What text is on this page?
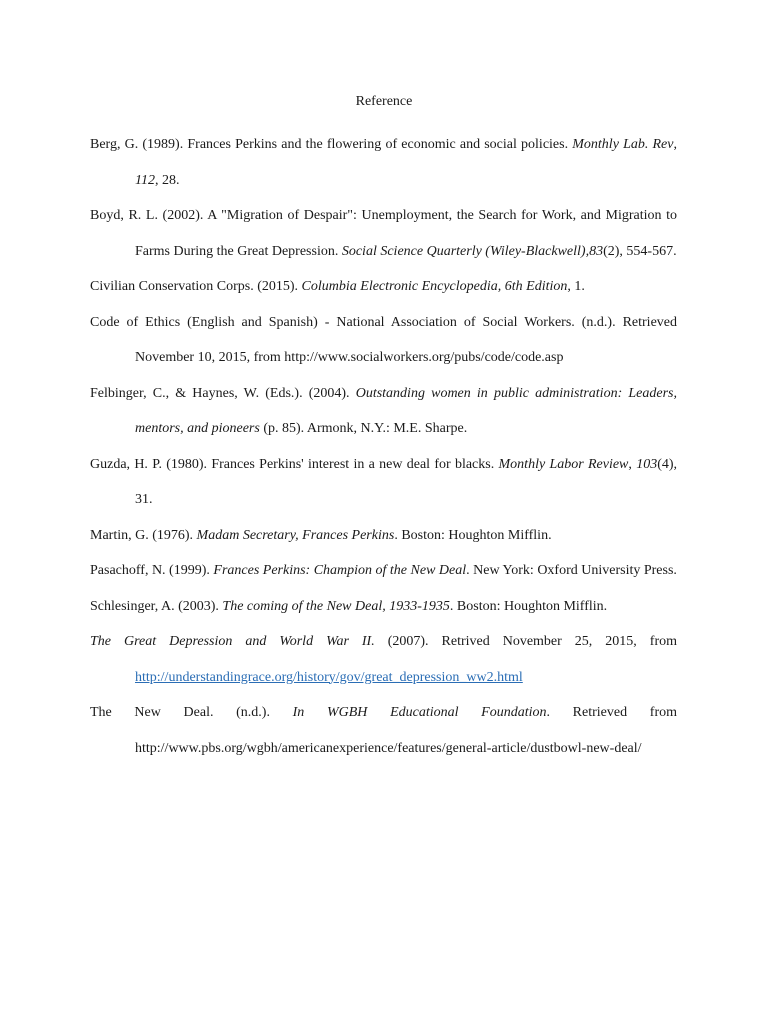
Reference

Berg, G. (1989). Frances Perkins and the flowering of economic and social policies. Monthly Lab. Rev, 112, 28.

Boyd, R. L. (2002). A "Migration of Despair": Unemployment, the Search for Work, and Migration to Farms During the Great Depression. Social Science Quarterly (Wiley-Blackwell),83(2), 554-567.

Civilian Conservation Corps. (2015). Columbia Electronic Encyclopedia, 6th Edition, 1.

Code of Ethics (English and Spanish) - National Association of Social Workers. (n.d.). Retrieved November 10, 2015, from http://www.socialworkers.org/pubs/code/code.asp

Felbinger, C., & Haynes, W. (Eds.). (2004). Outstanding women in public administration: Leaders, mentors, and pioneers (p. 85). Armonk, N.Y.: M.E. Sharpe.

Guzda, H. P. (1980). Frances Perkins' interest in a new deal for blacks. Monthly Labor Review, 103(4), 31.

Martin, G. (1976). Madam Secretary, Frances Perkins. Boston: Houghton Mifflin.

Pasachoff, N. (1999). Frances Perkins: Champion of the New Deal. New York: Oxford University Press.

Schlesinger, A. (2003). The coming of the New Deal, 1933-1935. Boston: Houghton Mifflin.

The Great Depression and World War II. (2007). Retrived November 25, 2015, from http://understandingrace.org/history/gov/great_depression_ww2.html

The New Deal. (n.d.). In WGBH Educational Foundation. Retrieved from http://www.pbs.org/wgbh/americanexperience/features/general-article/dustbowl-new-deal/
